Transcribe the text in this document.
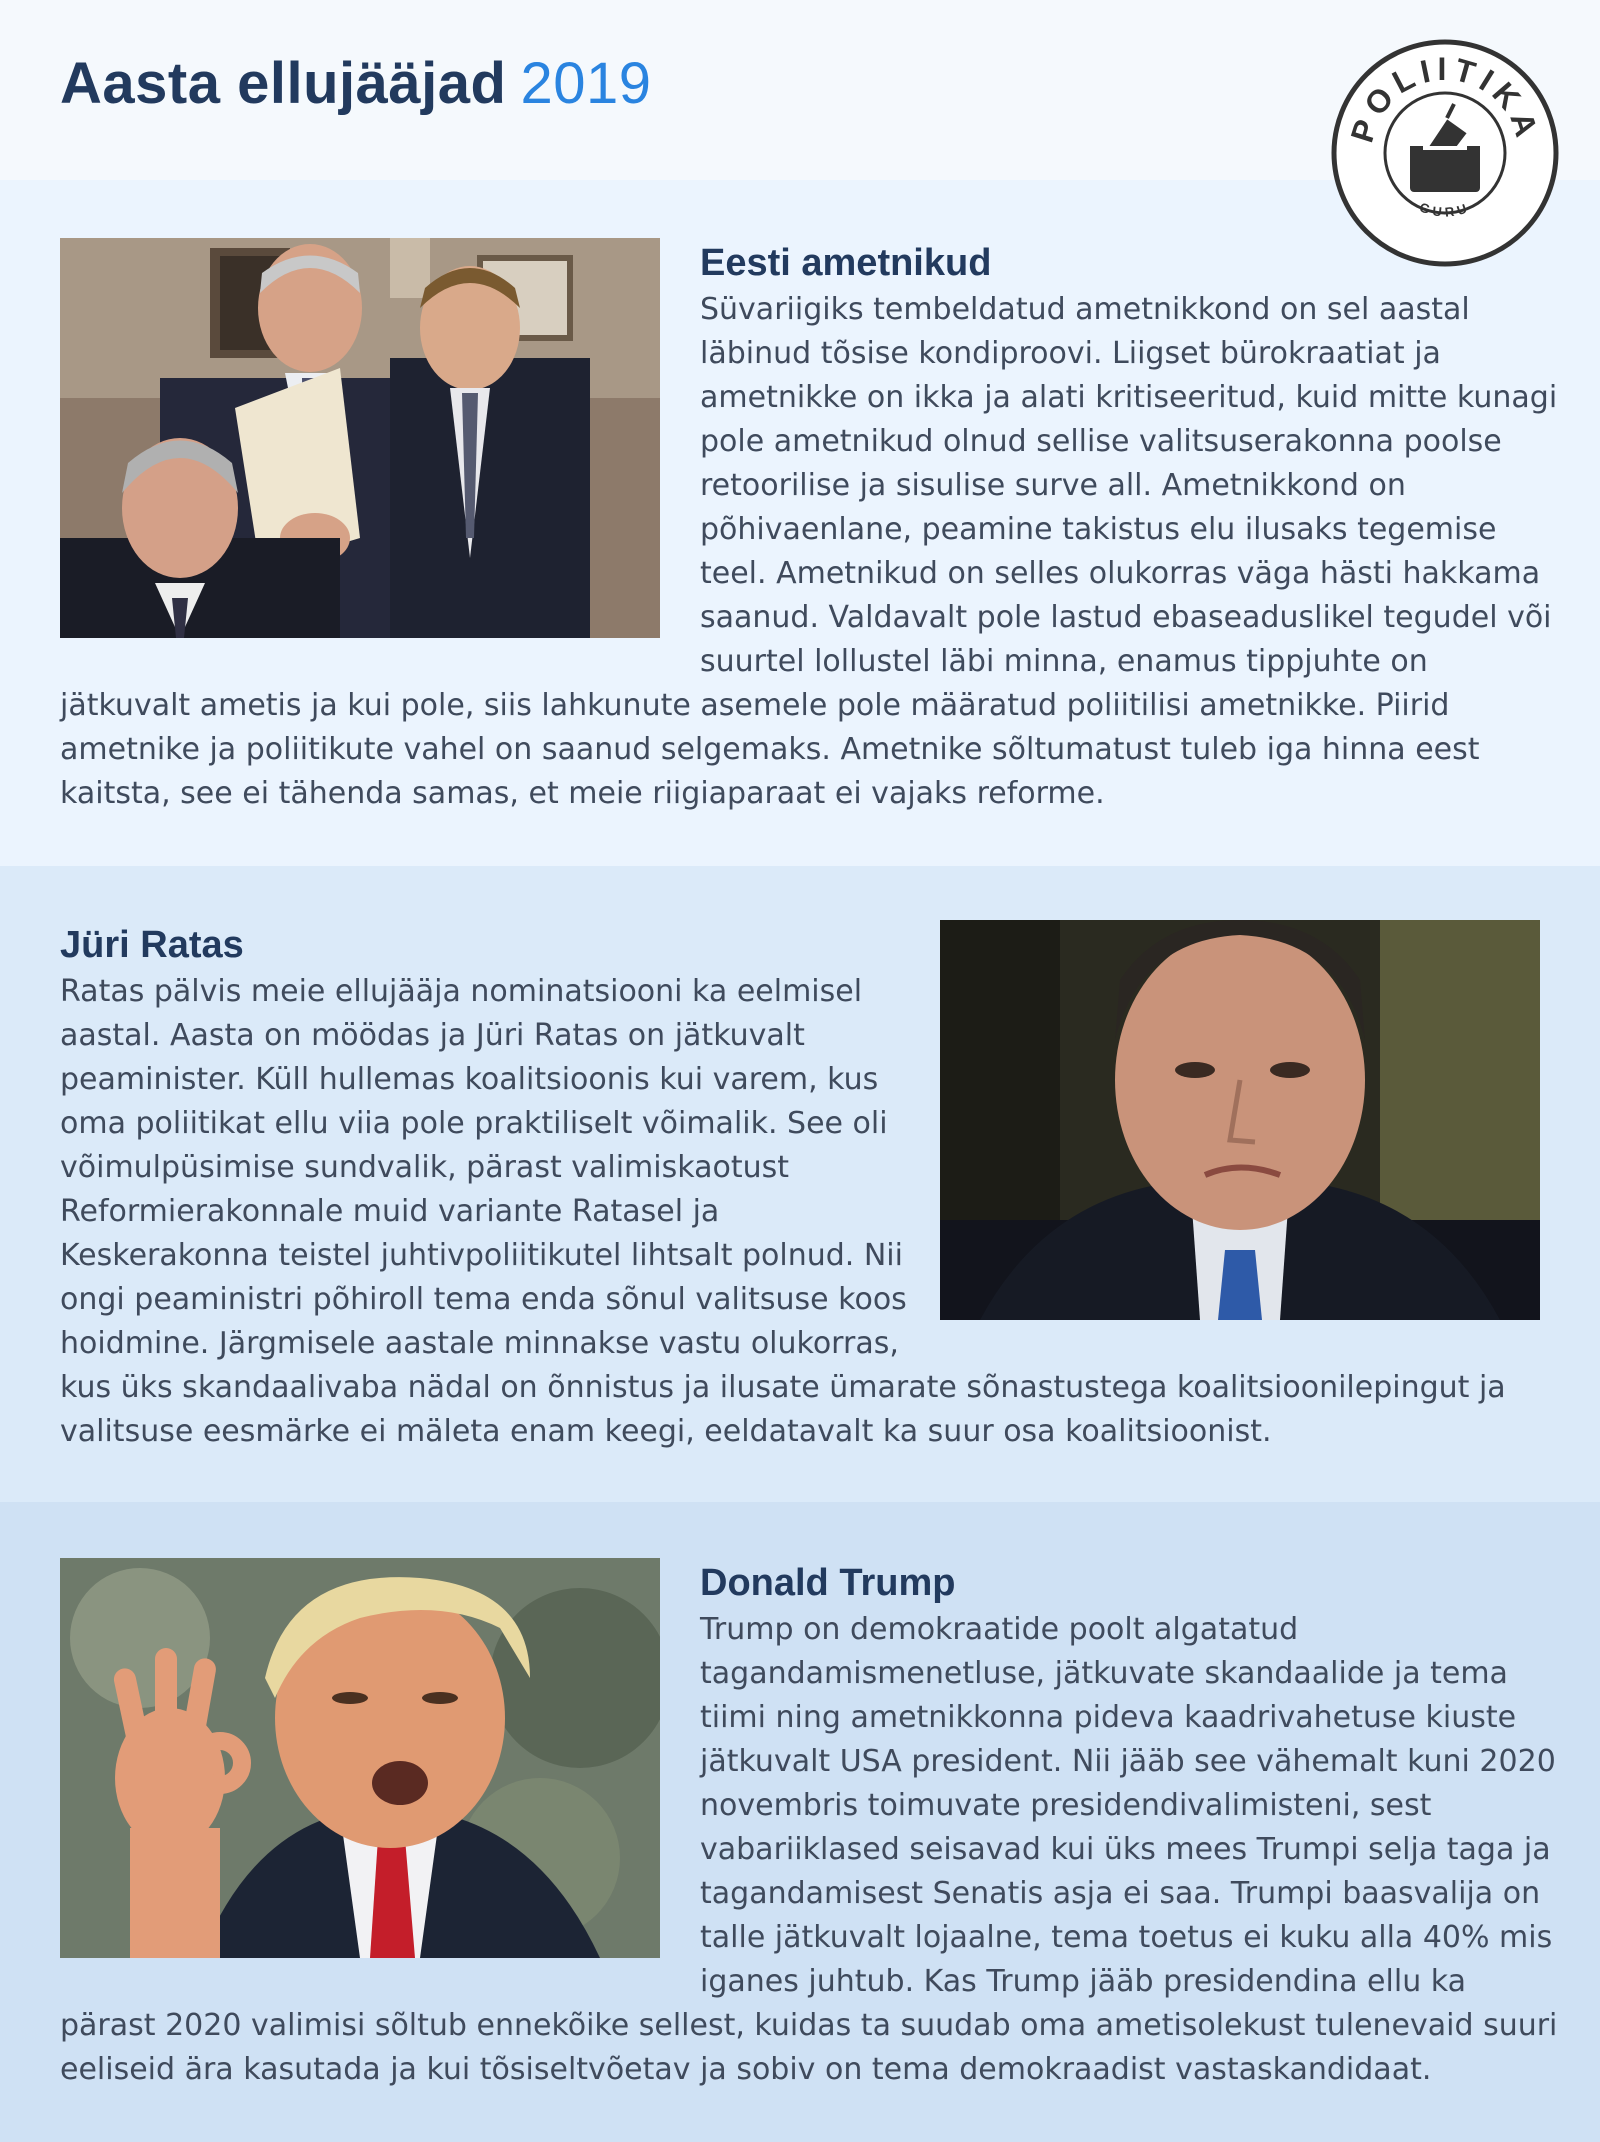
Aasta ellujääjad 2019
POLIITIKA
GURU
Eesti ametnikud

Süvariigiks tembeldatud ametnikkond on sel aastal läbinud tõsise kondiproovi. Liigset bürokraatiat ja ametnikke on ikka ja alati kritiseeritud, kuid mitte kunagi pole ametnikud olnud sellise valitsuserakonna poolse retoorilise ja sisulise surve all. Ametnikkond on põhivaenlane, peamine takistus elu ilusaks tegemise teel. Ametnikud on selles olukorras väga hästi hakkama saanud. Valdavalt pole lastud ebaseaduslikel tegudel või suurtel lollustel läbi minna, enamus tippjuhte on jätkuvalt ametis ja kui pole, siis lahkunute asemele pole määratud poliitilisi ametnikke. Piirid ametnike ja poliitikute vahel on saanud selgemaks. Ametnike sõltumatust tuleb iga hinna eest kaitsta, see ei tähenda samas, et meie riigiaparaat ei vajaks reforme.

Jüri Ratas

Ratas pälvis meie ellujääja nominatsiooni ka eelmisel aastal. Aasta on möödas ja Jüri Ratas on jätkuvalt peaminister. Küll hullemas koalitsioonis kui varem, kus oma poliitikat ellu viia pole praktiliselt võimalik. See oli võimulpüsimise sundvalik, pärast valimiskaotust Reformierakonnale muid variante Ratasel ja Keskerakonna teistel juhtivpoliitikutel lihtsalt polnud. Nii ongi peaministri põhiroll tema enda sõnul valitsuse koos hoidmine. Järgmisele aastale minnakse vastu olukorras, kus üks skandaalivaba nädal on õnnistus ja ilusate ümarate sõnastustega koalitsioonilepingut ja valitsuse eesmärke ei mäleta enam keegi, eeldatavalt ka suur osa koalitsioonist.

Donald Trump

Trump on demokraatide poolt algatatud tagandamismenetluse, jätkuvate skandaalide ja tema tiimi ning ametnikkonna pideva kaadrivahetuse kiuste jätkuvalt USA president. Nii jääb see vähemalt kuni 2020 novembris toimuvate presidendivalimisteni, sest vabariiklased seisavad kui üks mees Trumpi selja taga ja tagandamisest Senatis asja ei saa. Trumpi baasvalija on talle jätkuvalt lojaalne, tema toetus ei kuku alla 40% mis iganes juhtub. Kas Trump jääb presidendina ellu ka pärast 2020 valimisi sõltub ennekõike sellest, kuidas ta suudab oma ametisolekust tulenevaid suuri eeliseid ära kasutada ja kui tõsiseltvõetav ja sobiv on tema demokraadist vastaskandidaat.
